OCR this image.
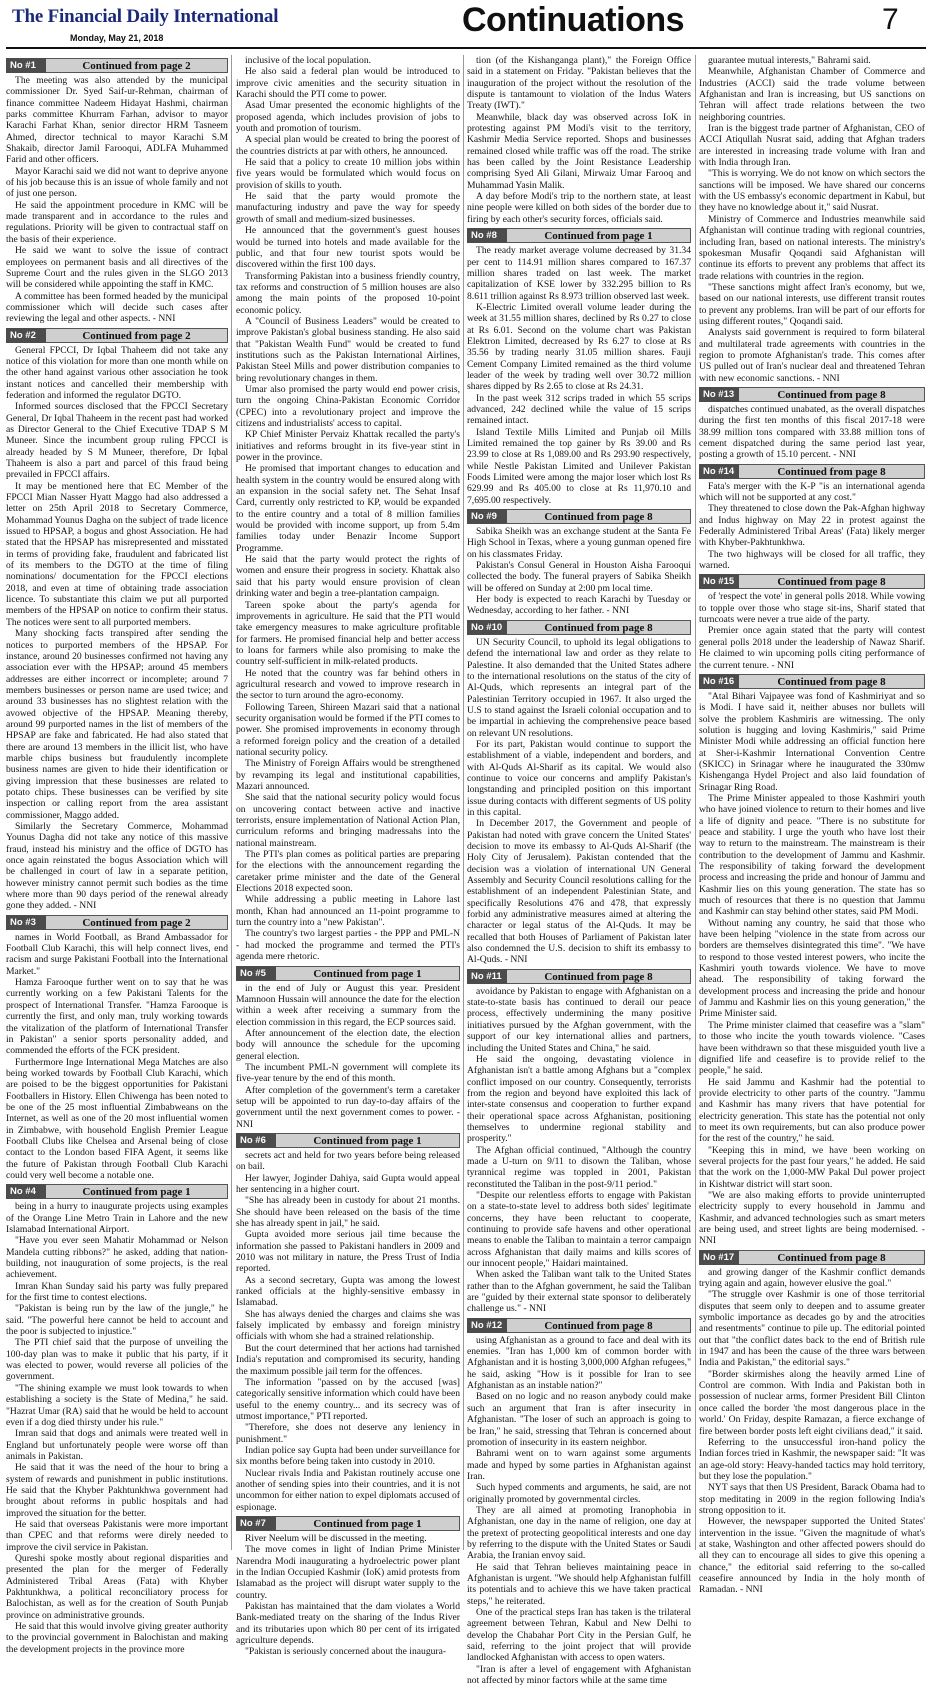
The Financial Daily International
Monday, May 21, 2018	Continuations	7
No #1	Continued from page 2

The meeting was also attended by the municipal commissioner Dr. Syed Saif-ur-Rehman, chairman of finance committee Nadeem Hidayat Hashmi, chairman parks committee Khurram Farhan, advisor to mayor Karachi Farhat Khan, senior director HRM Tasneem Ahmed, director technical to mayor Karachi S.M Shakaib, director Jamil Farooqui, ADLFA Muhammed Farid and other officers.

Mayor Karachi said we did not want to deprive anyone of his job because this is an issue of whole family and not of just one person.

He said the appointment procedure in KMC will be made transparent and in accordance to the rules and regulations. Priority will be given to contractual staff on the basis of their experience.

He said we want to solve the issue of contract employees on permanent basis and all directives of the Supreme Court and the rules given in the SLGO 2013 will be considered while appointing the staff in KMC.

A committee has been formed headed by the municipal commissioner which will decide such cases after reviewing the legal and other aspects. - NNI

No #2	Continued from page 2

General FPCCI, Dr Iqbal Thaheem did not take any notice of this violation for more than one month while on the other hand against various other association he took instant notices and cancelled their membership with federation and informed the regulator DGTO.

Informed sources disclosed that the FPCCI Secretary General, Dr Iqbal Thaheem in the recent past had worked as Director General to the Chief Executive TDAP S M Muneer. Since the incumbent group ruling FPCCI is already headed by S M Muneer, therefore, Dr Iqbal Thaheem is also a part and parcel of this fraud being prevailed in FPCCI affairs.

It may be mentioned here that EC Member of the FPCCI Mian Nasser Hyatt Maggo had also addressed a letter on 25th April 2018 to Secretary Commerce, Mohammad Younus Dagha on the subject of trade licence issued to HPSAP, a bogus and ghost Association. He had stated that the HPSAP has misrepresented and misstated in terms of providing fake, fraudulent and fabricated list of its members to the DGTO at the time of filing nominations/ documentation for the FPCCI elections 2018, and even at time of obtaining trade association licence. To substantiate this claim we put all purported members of the HPSAP on notice to confirm their status. The notices were sent to all purported members.

Many shocking facts transpired after sending the notices to purported members of the HPSAP. For instance, around 20 businesses confirmed not having any association ever with the HPSAP; around 45 members addresses are either incorrect or incomplete; around 7 members businesses or person name are used twice; and around 33 businesses has no slightest relation with the avowed objective of the HPSAP. Meaning thereby, around 99 purported names in the list of members of the HPSAP are fake and fabricated. He had also stated that there are around 13 members in the illicit list, who have marble chips business but fraudulently incomplete business names are given to hide their identification or giving impression that these businesses are related to potato chips. These businesses can be verified by site inspection or calling report from the area assistant commissioner, Maggo added.

Similarly the Secretary Commerce, Mohammad Younus Dagha did not take any notice of this massive fraud, instead his ministry and the office of DGTO has once again reinstated the bogus Association which will be challenged in court of law in a separate petition, however ministry cannot permit such bodies as the time where more than 90 days period of the renewal already gone they added. - NNI

No #3	Continued from page 2

names in World Football, as Brand Ambassador for Football Club Karachi, this will help connect lives, end racism and surge Pakistani Football into the International Market."

Hamza Farooque further went on to say that he was currently working on a few Pakistani Talents for the prospect of International Transfer. "Hamza Farooque is currently the first, and only man, truly working towards the vitalization of the platform of International Transfer in Pakistan" a senior sports personality added, and commended the efforts of the FCK president.

Furthermore Inge International Mega Matches are also being worked towards by Football Club Karachi, which are poised to be the biggest opportunities for Pakistani Footballers in History. Ellen Chiwenga has been noted to be one of the 25 most influential Zimbabweans on the Internet, as well as one of the 20 most influential women in Zimbabwe, with household English Premier League Football Clubs like Chelsea and Arsenal being of close contact to the London based FIFA Agent, it seems like the future of Pakistan through Football Club Karachi could very well become a notable one.

No #4	Continued from page 1

being in a hurry to inaugurate projects using examples of the Orange Line Metro Train in Lahore and the new Islamabad International Airport.

"Have you ever seen Mahatir Mohammad or Nelson Mandela cutting ribbons?" he asked, adding that nation-building, not inauguration of some projects, is the real achievement.

Imran Khan Sunday said his party was fully prepared for the first time to contest elections.

"Pakistan is being run by the law of the jungle," he said. "The powerful here cannot be held to account and the poor is subjected to injustice."

The PTI chief said that the purpose of unveiling the 100-day plan was to make it public that his party, if it was elected to power, would reverse all policies of the government.

"The shining example we must look towards to when establishing a society is the State of Medina," he said. "Hazrat Umar (RA) said that he would be held to account even if a dog died thirsty under his rule."

Imran said that dogs and animals were treated well in England but unfortunately people were worse off than animals in Pakistan.

He said that it was the need of the hour to bring a system of rewards and punishment in public institutions. He said that the Khyber Pakhtunkhwa government had brought about reforms in public hospitals and had improved the situation for the better.

He said that overseas Pakistanis were more important than CPEC and that reforms were direly needed to improve the civil service in Pakistan.

Qureshi spoke mostly about regional disparities and presented the plan for the merger of Federally Administered Tribal Areas (Fata) with Khyber Pakhtunkhwa, a political reconciliatory process for Balochistan, as well as for the creation of South Punjab province on administrative grounds.

He said that this would involve giving greater authority to the provincial government in Balochistan and making the development projects in the province more

inclusive of the local population.

He also said a federal plan would be introduced to improve civic amenities and the security situation in Karachi should the PTI come to power.

Asad Umar presented the economic highlights of the proposed agenda, which includes provision of jobs to youth and promotion of tourism.

A special plan would be created to bring the poorest of the countries districts at par with others, he announced.

He said that a policy to create 10 million jobs within five years would be formulated which would focus on provision of skills to youth.

He said that the party would promote the manufacturing industry and pave the way for speedy growth of small and medium-sized businesses.

He announced that the government's guest houses would be turned into hotels and made available for the public, and that four new tourist spots would be discovered within the first 100 days.

Transforming Pakistan into a business friendly country, tax reforms and construction of 5 million houses are also among the main points of the proposed 10-point economic policy.

A "Council of Business Leaders" would be created to improve Pakistan's global business standing. He also said that "Pakistan Wealth Fund" would be created to fund institutions such as the Pakistan International Airlines, Pakistan Steel Mills and power distribution companies to bring revolutionary changes in them.

Umar also promised the party would end power crisis, turn the ongoing China-Pakistan Economic Corridor (CPEC) into a revolutionary project and improve the citizens and industrialists' access to capital.

KP Chief Minister Pervaiz Khattak recalled the party's initiatives and reforms brought in its five-year stint in power in the province.

He promised that important changes to education and health system in the country would be ensured along with an expansion in the social safety net. The Sehat Insaf Card, currently only restricted to KP, would be expanded to the entire country and a total of 8 million families would be provided with income support, up from 5.4m families today under Benazir Income Support Programme.

He said that the party would protect the rights of women and ensure their progress in society. Khattak also said that his party would ensure provision of clean drinking water and begin a tree-plantation campaign.

Tareen spoke about the party's agenda for improvements in agriculture. He said that the PTI would take emergency measures to make agriculture profitable for farmers. He promised financial help and better access to loans for farmers while also promising to make the country self-sufficient in milk-related products.

He noted that the country was far behind others in agricultural research and vowed to improve research in the sector to turn around the agro-economy.

Following Tareen, Shireen Mazari said that a national security organisation would be formed if the PTI comes to power. She promised improvements in economy through a reformed foreign policy and the creation of a detailed national security policy.

The Ministry of Foreign Affairs would be strengthened by revamping its legal and institutional capabilities, Mazari announced.

She said that the national security policy would focus on uncovering contact between active and inactive terrorists, ensure implementation of National Action Plan, curriculum reforms and bringing madressahs into the national mainstream.

The PTI's plan comes as political parties are preparing for the elections with the announcement regarding the caretaker prime minister and the date of the General Elections 2018 expected soon.

While addressing a public meeting in Lahore last month, Khan had announced an 11-point programme to turn the country into a "new Pakistan".

The country's two largest parties - the PPP and PML-N - had mocked the programme and termed the PTI's agenda mere rhetoric.

No #5	Continued from page 1

in the end of July or August this year. President Mamnoon Hussain will announce the date for the election within a week after receiving a summary from the election commission in this regard, the ECP sources said.

After announcement of the election date, the election body will announce the schedule for the upcoming general election.

The incumbent PML-N government will complete its five-year tenure by the end of this month.

After completion of the government's term a caretaker setup will be appointed to run day-to-day affairs of the government until the next government comes to power. - NNI

No #6	Continued from page 1

secrets act and held for two years before being released on bail.

Her lawyer, Joginder Dahiya, said Gupta would appeal her sentencing in a higher court.

"She has already been in custody for about 21 months. She should have been released on the basis of the time she has already spent in jail," he said.

Gupta avoided more serious jail time because the information she passed to Pakistani handlers in 2009 and 2010 was not military in nature, the Press Trust of India reported.

As a second secretary, Gupta was among the lowest ranked officials at the highly-sensitive embassy in Islamabad.

She has always denied the charges and claims she was falsely implicated by embassy and foreign ministry officials with whom she had a strained relationship.

But the court determined that her actions had tarnished India's reputation and compromised its security, handing the maximum possible jail term for the offences.

The information "passed on by the accused [was] categorically sensitive information which could have been useful to the enemy country... and its secrecy was of utmost importance," PTI reported.

"Therefore, she does not deserve any leniency in punishment."

Indian police say Gupta had been under surveillance for six months before being taken into custody in 2010.

Nuclear rivals India and Pakistan routinely accuse one another of sending spies into their countries, and it is not uncommon for either nation to expel diplomats accused of espionage.

No #7	Continued from page 1

River Neelum will be discussed in the meeting.

The move comes in light of Indian Prime Minister Narendra Modi inaugurating a hydroelectric power plant in the Indian Occupied Kashmir (IoK) amid protests from Islamabad as the project will disrupt water supply to the country.

Pakistan has maintained that the dam violates a World Bank-mediated treaty on the sharing of the Indus River and its tributaries upon which 80 per cent of its irrigated agriculture depends.

"Pakistan is seriously concerned about the inaugura-

tion (of the Kishanganga plant)," the Foreign Office said in a statement on Friday. "Pakistan believes that the inauguration of the project without the resolution of the dispute is tantamount to violation of the Indus Waters Treaty (IWT)."

Meanwhile, black day was observed across IoK in protesting against PM Modi's visit to the territory, Kashmir Media Service reported. Shops and businesses remained closed while traffic was off the road. The strike has been called by the Joint Resistance Leadership comprising Syed Ali Gilani, Mirwaiz Umar Farooq and Muhammad Yasin Malik.

A day before Modi's trip to the northern state, at least nine people were killed on both sides of the border due to firing by each other's security forces, officials said.

No #8	Continued from page 1

The ready market average volume decreased by 31.34 per cent to 114.91 million shares compared to 167.37 million shares traded on last week. The market capitalization of KSE lower by 332.295 billion to Rs 8.611 trillion against Rs 8.973 trillion observed last week.

K-Electric Limited overall volume leader during the week at 31.55 million shares, declined by Rs 0.27 to close at Rs 6.01. Second on the volume chart was Pakistan Elektron Limited, decreased by Rs 6.27 to close at Rs 35.56 by trading nearly 31.05 million shares. Fauji Cement Company Limited remained as the third volume leader of the week by trading well over 30.72 million shares dipped by Rs 2.65 to close at Rs 24.31.

In the past week 312 scrips traded in which 55 scrips advanced, 242 declined while the value of 15 scrips remained intact.

Island Textile Mills Limited and Punjab oil Mills Limited remained the top gainer by Rs 39.00 and Rs 23.99 to close at Rs 1,089.00 and Rs 293.90 respectively, while Nestle Pakistan Limited and Unilever Pakistan Foods Limited were among the major loser which lost Rs 629.99 and Rs 405.00 to close at Rs 11,970.10 and 7,695.00 respectively.

No #9	Continued from page 8

Sabika Sheikh was an exchange student at the Santa Fe High School in Texas, where a young gunman opened fire on his classmates Friday.

Pakistan's Consul General in Houston Aisha Farooqui collected the body. The funeral prayers of Sabika Sheikh will be offered on Sunday at 2:00 pm local time.

Her body is expected to reach Karachi by Tuesday or Wednesday, according to her father. - NNI

No #10	Continued from page 8

UN Security Council, to uphold its legal obligations to defend the international law and order as they relate to Palestine. It also demanded that the United States adhere to the international resolutions on the status of the city of Al-Quds, which represents an integral part of the Palestinian Territory occupied in 1967. It also urged the U.S to stand against the Israeli colonial occupation and to be impartial in achieving the comprehensive peace based on relevant UN resolutions.

For its part, Pakistan would continue to support the establishment of a viable, independent and borders, and with Al-Quds Al-Sharif as its capital. We would also continue to voice our concerns and amplify Pakistan's longstanding and principled position on this important issue during contacts with different segments of US polity in this capital.

In December 2017, the Government and people of Pakistan had noted with grave concern the United States' decision to move its embassy to Al-Quds Al-Sharif (the Holy City of Jerusalem). Pakistan contended that the decision was a violation of international UN General Assembly and Security Council resolutions calling for the establishment of an independent Palestinian State, and specifically Resolutions 476 and 478, that expressly forbid any administrative measures aimed at altering the character or legal status of the Al-Quds. It may be recalled that both Houses of Parliament of Pakistan later also condemned the U.S. decision to shift its embassy to Al-Quds. - NNI

No #11	Continued from page 8

avoidance by Pakistan to engage with Afghanistan on a state-to-state basis has continued to derail our peace process, effectively undermining the many positive initiatives pursued by the Afghan government, with the support of our key international allies and partners, including the United States and China," he said.

He said the ongoing, devastating violence in Afghanistan isn't a battle among Afghans but a "complex conflict imposed on our country. Consequently, terrorists from the region and beyond have exploited this lack of inter-state consensus and cooperation to further expand their operational space across Afghanistan, positioning themselves to undermine regional stability and prosperity."

The Afghan official continued, "Although the country made a U-turn on 9/11 to disown the Taliban, whose tyrannical regime was toppled in 2001, Pakistan reconstituted the Taliban in the post-9/11 period."

"Despite our relentless efforts to engage with Pakistan on a state-to-state level to address both sides' legitimate concerns, they have been reluctant to cooperate, continuing to provide safe havens and other operational means to enable the Taliban to maintain a terror campaign across Afghanistan that daily maims and kills scores of our innocent people," Haidari maintained.

When asked the Taliban want talk to the United States rather than to the Afghan government, he said the Taliban are "guided by their external state sponsor to deliberately challenge us." - NNI

No #12	Continued from page 8

using Afghanistan as a ground to face and deal with its enemies. "Iran has 1,000 km of common border with Afghanistan and it is hosting 3,000,000 Afghan refugees," he said, asking "How is it possible for Iran to see Afghanistan as an instable nation?"

Based on no logic and no reason anybody could make such an argument that Iran is after insecurity in Afghanistan. "The loser of such an approach is going to be Iran," he said, stressing that Tehran is concerned about promotion of insecurity in its eastern neighbor.

Bahrami went on to warn against some arguments made and hyped by some parties in Afghanistan against Iran.

Such hyped comments and arguments, he said, are not originally promoted by governmental circles.

They are all aimed at promoting Iranophobia in Afghanistan, one day in the name of religion, one day at the pretext of protecting geopolitical interests and one day by referring to the dispute with the United States or Saudi Arabia, the Iranian envoy said.

He said that Tehran believes maintaining peace in Afghanistan is urgent. "We should help Afghanistan fulfill its potentials and to achieve this we have taken practical steps," he reiterated.

One of the practical steps Iran has taken is the trilateral agreement between Tehran, Kabul and New Delhi to develop the Chabahar Port City in the Persian Gulf, he said, referring to the joint project that will provide landlocked Afghanistan with access to open waters.

"Iran is after a level of engagement with Afghanistan not affected by minor factors while at the same time

guarantee mutual interests," Bahrami said.

Meanwhile, Afghanistan Chamber of Commerce and Industries (ACCI) said the trade volume between Afghanistan and Iran is increasing, but US sanctions on Tehran will affect trade relations between the two neighboring countries.

Iran is the biggest trade partner of Afghanistan, CEO of ACCI Atiqullah Nusrat said, adding that Afghan traders are interested in increasing trade volume with Iran and with India through Iran.

"This is worrying. We do not know on which sectors the sanctions will be imposed. We have shared our concerns with the US embassy's economic department in Kabul, but they have no knowledge about it," said Nusrat.

Ministry of Commerce and Industries meanwhile said Afghanistan will continue trading with regional countries, including Iran, based on national interests. The ministry's spokesman Musafir Qoqandi said Afghanistan will continue its efforts to prevent any problems that affect its trade relations with countries in the region.

"These sanctions might affect Iran's economy, but we, based on our national interests, use different transit routes to prevent any problems. Iran will be part of our efforts for using different routes," Qoqandi said.

Analysts said government is required to form bilateral and multilateral trade agreements with countries in the region to promote Afghanistan's trade. This comes after US pulled out of Iran's nuclear deal and threatened Tehran with new economic sanctions. - NNI

No #13	Continued from page 8

dispatches continued unabated, as the overall dispatches during the first ten months of this fiscal 2017-18 were 38.99 million tons compared with 33.88 million tons of cement dispatched during the same period last year, posting a growth of 15.10 percent. - NNI

No #14	Continued from page 8

Fata's merger with the K-P "is an international agenda which will not be supported at any cost."

They threatened to close down the Pak-Afghan highway and Indus highway on May 22 in protest against the Federally Administered Tribal Areas' (Fata) likely merger with Khyber-Pakhtunkhwa.

The two highways will be closed for all traffic, they warned.

No #15	Continued from page 8

of 'respect the vote' in general polls 2018. While vowing to topple over those who stage sit-ins, Sharif stated that turncoats were never a true aide of the party.

Premier once again stated that the party will contest general polls 2018 under the leadership of Nawaz Sharif. He claimed to win upcoming polls citing performance of the current tenure. - NNI

No #16	Continued from page 8

"Atal Bihari Vajpayee was fond of Kashmiriyat and so is Modi. I have said it, neither abuses nor bullets will solve the problem Kashmiris are witnessing. The only solution is hugging and loving Kashmiris," said Prime Minister Modi while addressing an official function here at Sher-i-Kashmir International Convention Centre (SKICC) in Srinagar where he inaugurated the 330mw Kishenganga Hydel Project and also laid foundation of Srinagar Ring Road.

The Prime Minister appealed to those Kashmiri youth who have joined violence to return to their homes and live a life of dignity and peace. "There is no substitute for peace and stability. I urge the youth who have lost their way to return to the mainstream. The mainstream is their contribution to the development of Jammu and Kashmir. The responsibility of taking forward the development process and increasing the pride and honour of Jammu and Kashmir lies on this young generation. The state has so much of resources that there is no question that Jammu and Kashmir can stay behind other states, said PM Modi.

Without naming any country, he said that those who have been helping "violence in the state from across our borders are themselves disintegrated this time". "We have to respond to those vested interest powers, who incite the Kashmiri youth towards violence. We have to move ahead. The responsibility of taking forward the development process and increasing the pride and honour of Jammu and Kashmir lies on this young generation," the Prime Minister said.

The Prime minister claimed that ceasefire was a "slam" to those who incite the youth towards violence. "Cases have been withdrawn so that these misguided youth live a dignified life and ceasefire is to provide relief to the people," he said.

He said Jammu and Kashmir had the potential to provide electricity to other parts of the country. "Jammu and Kashmir has many rivers that have potential for electricity generation. This state has the potential not only to meet its own requirements, but can also produce power for the rest of the country," he said.

"Keeping this in mind, we have been working on several projects for the past four years," he added. He said that the work on the 1,000-MW Pakal Dul power project in Kishtwar district will start soon.

"We are also making efforts to provide uninterrupted electricity supply to every household in Jammu and Kashmir, and advanced technologies such as smart meters are being used, and street lights are being modernised. - NNI

No #17	Continued from page 8

and growing danger of the Kashmir conflict demands trying again and again, however elusive the goal."

"The struggle over Kashmir is one of those territorial disputes that seem only to deepen and to assume greater symbolic importance as decades go by and the atrocities and resentments" continue to pile up. The editorial pointed out that "the conflict dates back to the end of British rule in 1947 and has been the cause of the three wars between India and Pakistan," the editorial says."

"Border skirmishes along the heavily armed Line of Control are common. With India and Pakistan both in possession of nuclear arms, former President Bill Clinton once called the border 'the most dangerous place in the world.' On Friday, despite Ramazan, a fierce exchange of fire between border posts left eight civilians dead," it said.

Referring to the unsuccessful iron-hand policy the Indian forces tried in Kashmir, the newspaper said: "It was an age-old story: Heavy-handed tactics may hold territory, but they lose the population."

NYT says that then US President, Barack Obama had to stop meditating in 2009 in the region following India's strong opposition to it.

However, the newspaper supported the United States' intervention in the issue. "Given the magnitude of what's at stake, Washington and other affected powers should do all they can to encourage all sides to give this opening a chance," the editorial said referring to the so-called ceasefire announced by India in the holy month of Ramadan. - NNI
